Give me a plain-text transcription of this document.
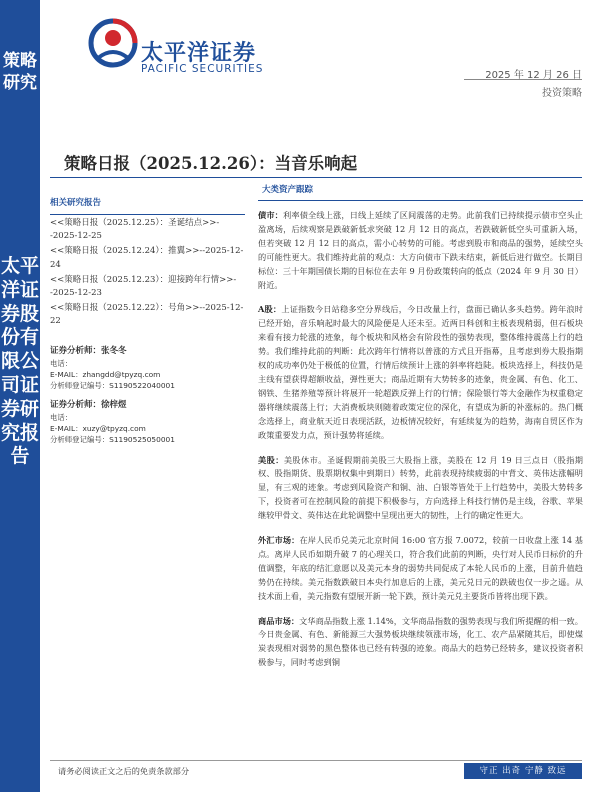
策略研究
太平洋证券股份有限公司证券研究报告
太平洋证券
PACIFIC SECURITIES
2025 年 12 月 26 日
投资策略
策略日报（2025.12.26）：当音乐响起
相关研究报告
<<策略日报（2025.12.25）：圣诞结点>>--2025-12-25
<<策略日报（2025.12.24）：推翼>>--2025-12-24
<<策略日报（2025.12.23）：迎接跨年行情>>--2025-12-23
<<策略日报（2025.12.22）：号角>>--2025-12-22
证券分析师：张冬冬
电话：
E-MAIL：zhangdd@tpyzq.com
分析师登记编号：S1190522040001
证券分析师：徐梓煜
电话：
E-MAIL：xuzy@tpyzq.com
分析师登记编号：S1190525050001
大类资产跟踪

债市：利率债全线上涨，日线上延续了区间震荡的走势。此前我们已持续提示债市空头止盈离场，后续观察是跌破新低求突破 12 月 12 日的高点，若跌破新低空头可重新入场，但若突破 12 月 12 日的高点，需小心转势的可能。考虑到股市和商品的强势，延续空头的可能性更大。我们维持此前的观点：大方向债市下跌未结束，新低后进行做空。长期目标位：三十年期国债长期的目标位在去年 9 月份政策转向的低点（2024 年 9 月 30 日）附近。

A股：上证指数今日站稳多空分界线后，今日改量上行，盘面已确认多头趋势。跨年浪时已经开始，音乐响起时最大的风险便是人还未至。近两日科创和主板表现稍弱，但石板块来看有接力轮涨的迹象，每个板块和风格会有阶段性的强势表现，整体维持震荡上行的趋势。我们维持此前的判断：此次跨年行情将以普涨的方式且开指幕，且考虑到券大股指期权的成功率仍处于极低的位置，行情后续预计上涨的斜率将趋陡。板块选择上，科技仍是主线有望获得超额收益，弹性更大；商品近期有大势转多的迹象，贵金属、有色、化工、钢铁、生猪养殖等预计将展开一轮超跌反弹上行的行情；保险银行等大金融作为权重稳定器将继续震荡上行；大消费板块则随着政策定位的深化，有望成为新的补涨标的。热门概念选择上，商业航天近日表现活跃，边板情况较好，有延续复为的趋势，海南自贸区作为政策重要发力点，预计强势将延续。

美股：美股休市。圣诞假期前美股三大股指上涨，美股在 12 月 19 日三点日（股指期权、股指期货、股票期权集中到期日）转势，此前表现持续疲弱的中背文、英伟达涨幅明显，有三观的迹象。考虑到风险资产和铜、油、白银等皆处于上行趋势中，美股大势转多下，投资者可在控制风险的前提下积极参与，方向选择上科技行情仍是主线，谷歌、苹果继较甲骨文、英伟达在此轮调整中呈现出更大的韧性，上行的确定性更大。

外汇市场：在岸人民币兑美元北京时间 16:00 官方报 7.0072，较前一日收盘上涨 14 基点。离岸人民币如期升破 7 的心理关口，符合我们此前的判断，央行对人民币日标价的升值调整，年底的结汇意愿以及美元本身的弱势共同促成了本轮人民币的上涨，目前升值趋势仍在持续。美元指数跌破日本央行加息后的上涨，美元兑日元的跌破也仅一步之遥。从技术面上看，美元指数有望展开新一轮下跌，预计美元兑主要货币皆将出现下跌。

商品市场：文华商品指数上涨 1.14%，文华商品指数的强势表现与我们所提醒的相一致。今日贵金属、有色、新能源三大强势板块继续领涨市场，化工、农产品紧随其后，即使煤炭表现相对弱势的黑色整体也已经有转强的迹象。商品大的趋势已经转多，建议投资者积极参与，同时考虑到铜

请务必阅读正文之后的免责条款部分	守正 出奇 宁静 致远
